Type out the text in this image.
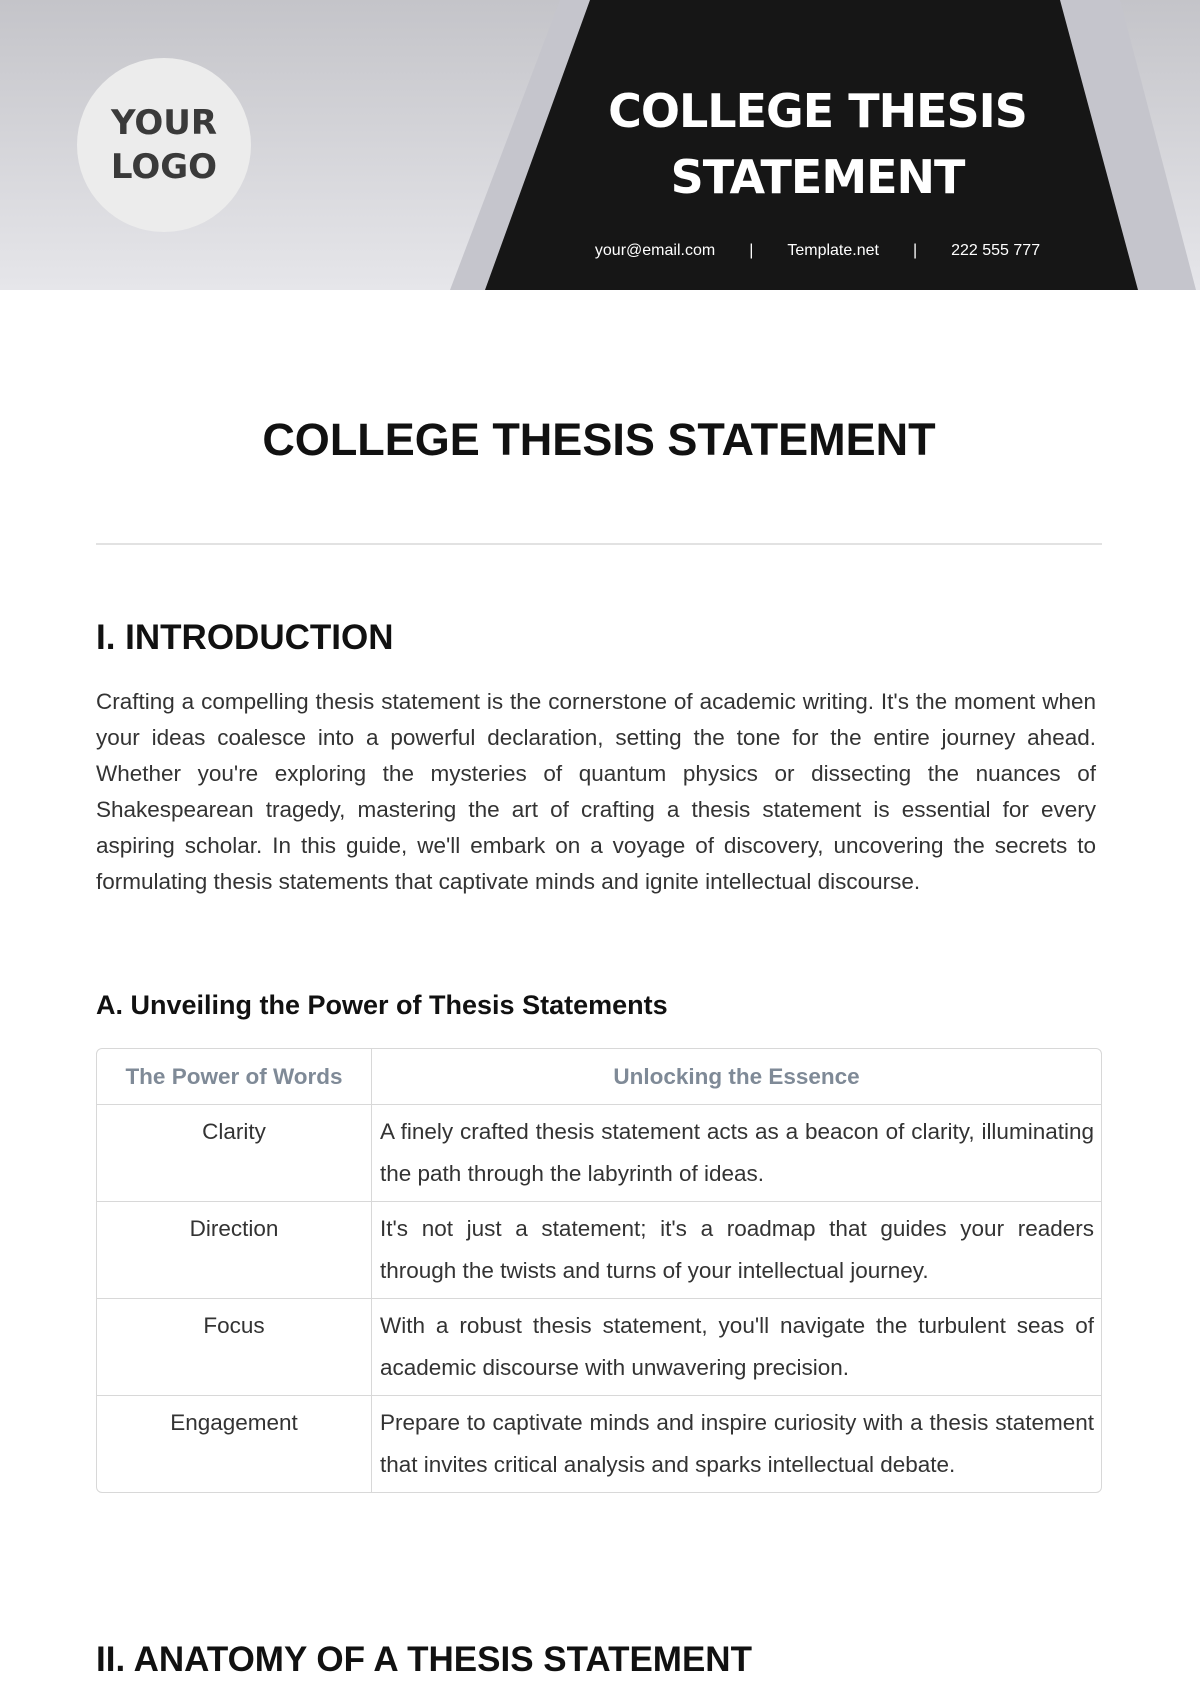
YOUR LOGO
COLLEGE THESIS STATEMENT
your@email.com | Template.net | 222 555 777
COLLEGE THESIS STATEMENT
I. INTRODUCTION

Crafting a compelling thesis statement is the cornerstone of academic writing. It's the moment when your ideas coalesce into a powerful declaration, setting the tone for the entire journey ahead. Whether you're exploring the mysteries of quantum physics or dissecting the nuances of Shakespearean tragedy, mastering the art of crafting a thesis statement is essential for every aspiring scholar. In this guide, we'll embark on a voyage of discovery, uncovering the secrets to formulating thesis statements that captivate minds and ignite intellectual discourse.

A. Unveiling the Power of Thesis Statements
The Power of Words	Unlocking the Essence
Clarity	A finely crafted thesis statement acts as a beacon of clarity, illuminating the path through the labyrinth of ideas.
Direction	It's not just a statement; it's a roadmap that guides your readers through the twists and turns of your intellectual journey.
Focus	With a robust thesis statement, you'll navigate the turbulent seas of academic discourse with unwavering precision.
Engagement	Prepare to captivate minds and inspire curiosity with a thesis statement that invites critical analysis and sparks intellectual debate.
II. ANATOMY OF A THESIS STATEMENT
